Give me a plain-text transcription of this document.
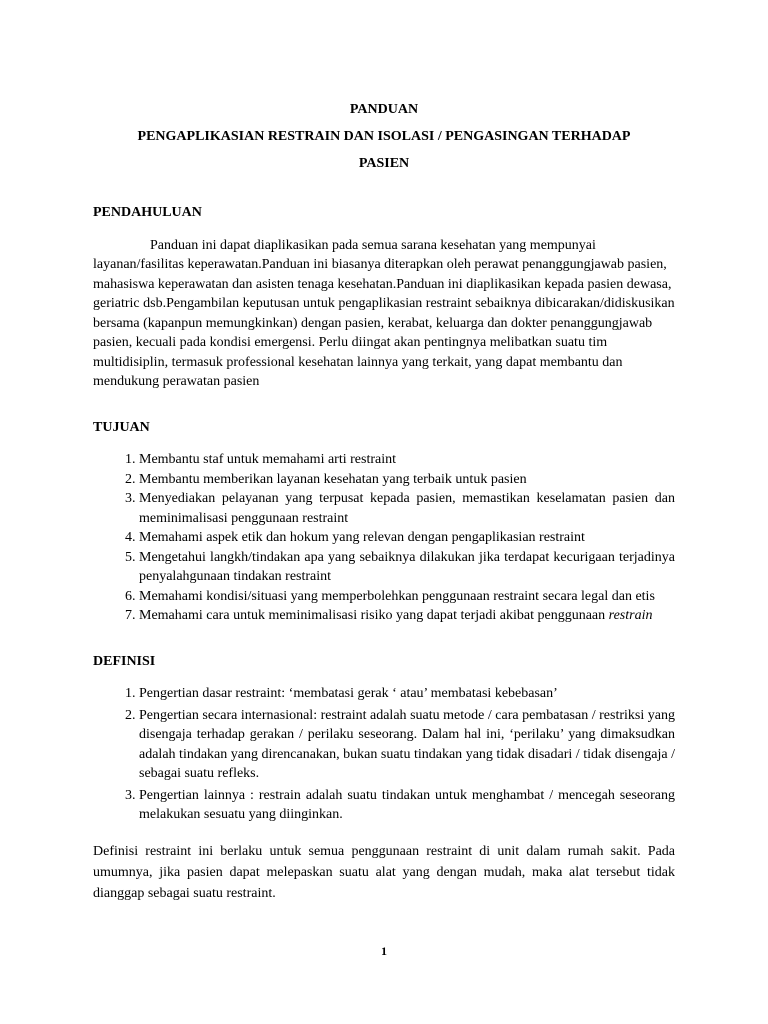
PANDUAN
PENGAPLIKASIAN RESTRAIN DAN ISOLASI / PENGASINGAN TERHADAP
PASIEN
PENDAHULUAN

Panduan ini dapat diaplikasikan pada semua sarana kesehatan yang mempunyai layanan/fasilitas keperawatan.Panduan ini biasanya diterapkan oleh perawat penanggungjawab pasien, mahasiswa keperawatan dan asisten tenaga kesehatan.Panduan ini diaplikasikan kepada pasien dewasa, geriatric dsb.Pengambilan keputusan untuk pengaplikasian restraint sebaiknya dibicarakan/didiskusikan bersama (kapanpun memungkinkan) dengan pasien, kerabat, keluarga dan dokter penanggungjawab pasien, kecuali pada kondisi emergensi. Perlu diingat akan pentingnya melibatkan suatu tim multidisiplin, termasuk professional kesehatan lainnya yang terkait, yang dapat membantu dan mendukung perawatan pasien

TUJUAN
1. Membantu staf untuk memahami arti restraint
2. Membantu memberikan layanan kesehatan yang terbaik untuk pasien
3. Menyediakan pelayanan yang terpusat kepada pasien, memastikan keselamatan pasien dan meminimalisasi penggunaan restraint
4. Memahami aspek etik dan hokum yang relevan dengan pengaplikasian restraint
5. Mengetahui langkh/tindakan apa yang sebaiknya dilakukan jika terdapat kecurigaan terjadinya penyalahgunaan tindakan restraint
6. Memahami kondisi/situasi yang memperbolehkan penggunaan restraint secara legal dan etis
7. Memahami cara untuk meminimalisasi risiko yang dapat terjadi akibat penggunaan restrain
DEFINISI
1. Pengertian dasar restraint: ‘membatasi gerak ‘ atau’ membatasi kebebasan’
2. Pengertian secara internasional: restraint adalah suatu metode / cara pembatasan / restriksi yang disengaja terhadap gerakan / perilaku seseorang. Dalam hal ini, ‘perilaku’ yang dimaksudkan adalah tindakan yang direncanakan, bukan suatu tindakan yang tidak disadari / tidak disengaja / sebagai suatu refleks.
3. Pengertian lainnya : restrain adalah suatu tindakan untuk menghambat / mencegah seseorang melakukan sesuatu yang diinginkan.

Definisi restraint ini berlaku untuk semua penggunaan restraint di unit dalam rumah sakit. Pada umumnya, jika pasien dapat melepaskan suatu alat yang dengan mudah, maka alat tersebut tidak dianggap sebagai suatu restraint.

1
